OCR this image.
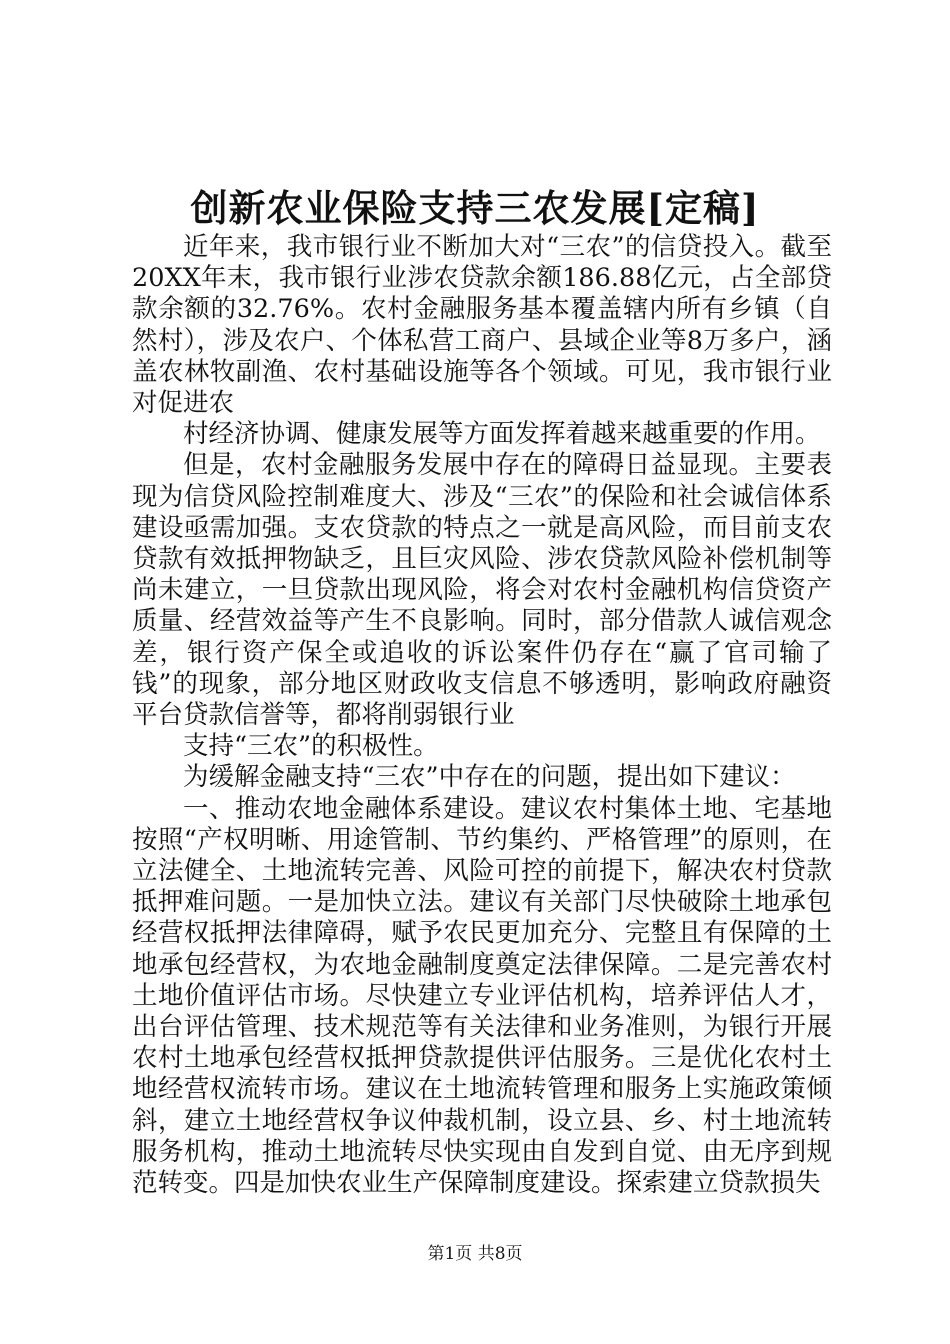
创新农业保险支持三农发展[定稿]

近年来，我市银行业不断加大对“三农”的信贷投入。截至20XX年末，我市银行业涉农贷款余额186.88亿元，占全部贷款余额的32.76%。农村金融服务基本覆盖辖内所有乡镇（自然村），涉及农户、个体私营工商户、县域企业等8万多户，涵盖农林牧副渔、农村基础设施等各个领域。可见，我市银行业对促进农

村经济协调、健康发展等方面发挥着越来越重要的作用。

但是，农村金融服务发展中存在的障碍日益显现。主要表现为信贷风险控制难度大、涉及“三农”的保险和社会诚信体系建设亟需加强。支农贷款的特点之一就是高风险，而目前支农贷款有效抵押物缺乏，且巨灾风险、涉农贷款风险补偿机制等尚未建立，一旦贷款出现风险，将会对农村金融机构信贷资产质量、经营效益等产生不良影响。同时，部分借款人诚信观念差，银行资产保全或追收的诉讼案件仍存在“赢了官司输了钱”的现象，部分地区财政收支信息不够透明，影响政府融资平台贷款信誉等，都将削弱银行业

支持“三农”的积极性。

为缓解金融支持“三农”中存在的问题，提出如下建议：

一、推动农地金融体系建设。建议农村集体土地、宅基地按照“产权明晰、用途管制、节约集约、严格管理”的原则，在立法健全、土地流转完善、风险可控的前提下，解决农村贷款抵押难问题。一是加快立法。建议有关部门尽快破除土地承包经营权抵押法律障碍，赋予农民更加充分、完整且有保障的土地承包经营权，为农地金融制度奠定法律保障。二是完善农村土地价值评估市场。尽快建立专业评估机构，培养评估人才，出台评估管理、技术规范等有关法律和业务准则，为银行开展农村土地承包经营权抵押贷款提供评估服务。三是优化农村土地经营权流转市场。建议在土地流转管理和服务上实施政策倾斜，建立土地经营权争议仲裁机制，设立县、乡、村土地流转服务机构，推动土地流转尽快实现由自发到自觉、由无序到规范转变。四是加快农业生产保障制度建设。探索建立贷款损失

第1页 共8页
